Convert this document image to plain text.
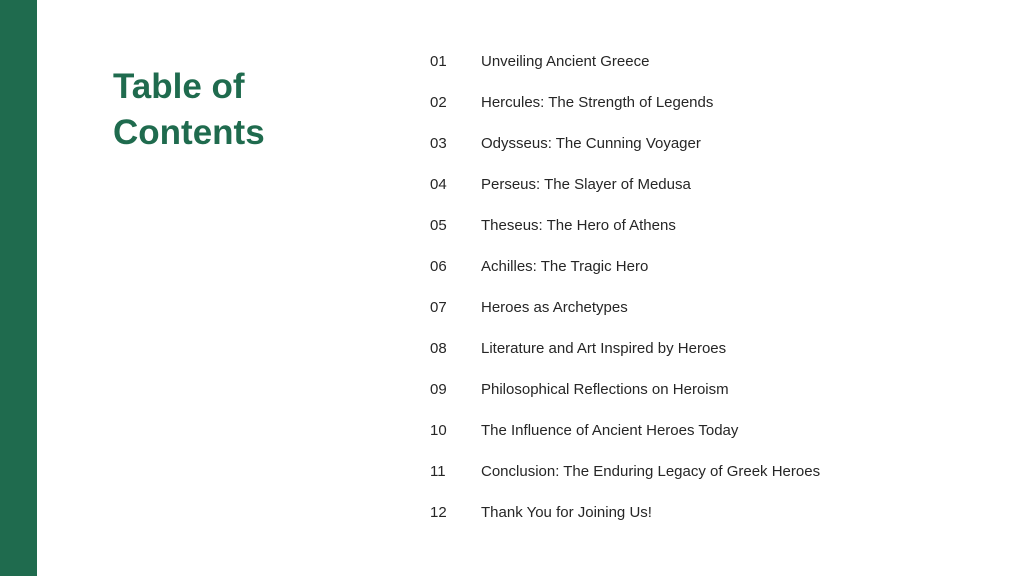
Table of
Contents
01	Unveiling Ancient Greece
02	Hercules: The Strength of Legends
03	Odysseus: The Cunning Voyager
04	Perseus: The Slayer of Medusa
05	Theseus: The Hero of Athens
06	Achilles: The Tragic Hero
07	Heroes as Archetypes
08	Literature and Art Inspired by Heroes
09	Philosophical Reflections on Heroism
10	The Influence of Ancient Heroes Today
11	Conclusion: The Enduring Legacy of Greek Heroes
12	Thank You for Joining Us!
